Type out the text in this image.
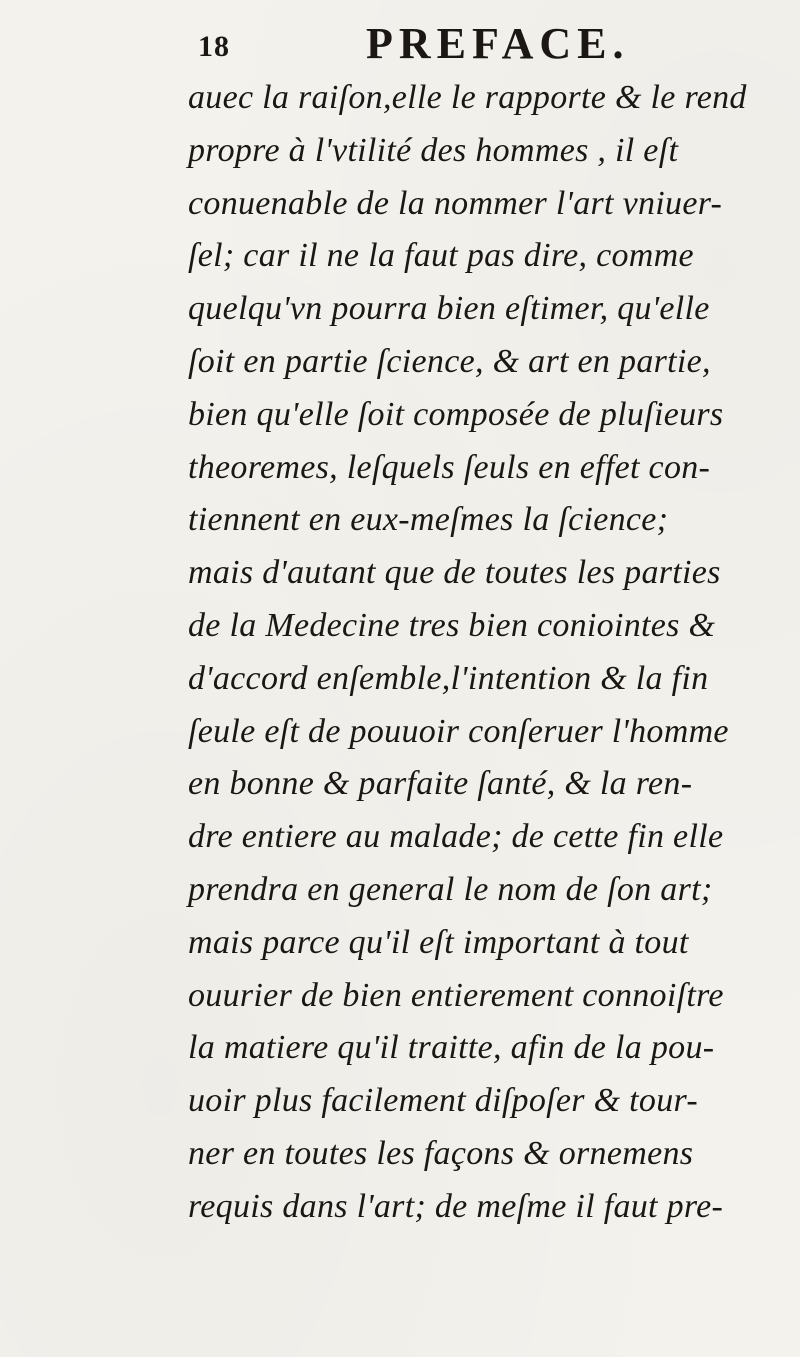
18	PREFACE.
auec la raiſon,elle le rapporte & le rend
propre à l'vtilité des hommes , il eſt
conuenable de la nommer l'art vniuer-
ſel; car il ne la faut pas dire, comme
quelqu'vn pourra bien eſtimer, qu'elle
ſoit en partie ſcience, & art en partie,
bien qu'elle ſoit composée de pluſieurs
theoremes, leſquels ſeuls en effet con-
tiennent en eux-meſmes la ſcience;
mais d'autant que de toutes les parties
de la Medecine tres bien coniointes &
d'accord enſemble,l'intention & la fin
ſeule eſt de pouuoir conſeruer l'homme
en bonne & parfaite ſanté, & la ren-
dre entiere au malade; de cette fin elle
prendra en general le nom de ſon art;
mais parce qu'il eſt important à tout
ouurier de bien entierement connoiſtre
la matiere qu'il traitte, afin de la pou-
uoir plus facilement diſpoſer & tour-
ner en toutes les façons & ornemens
requis dans l'art; de meſme il faut pre-
